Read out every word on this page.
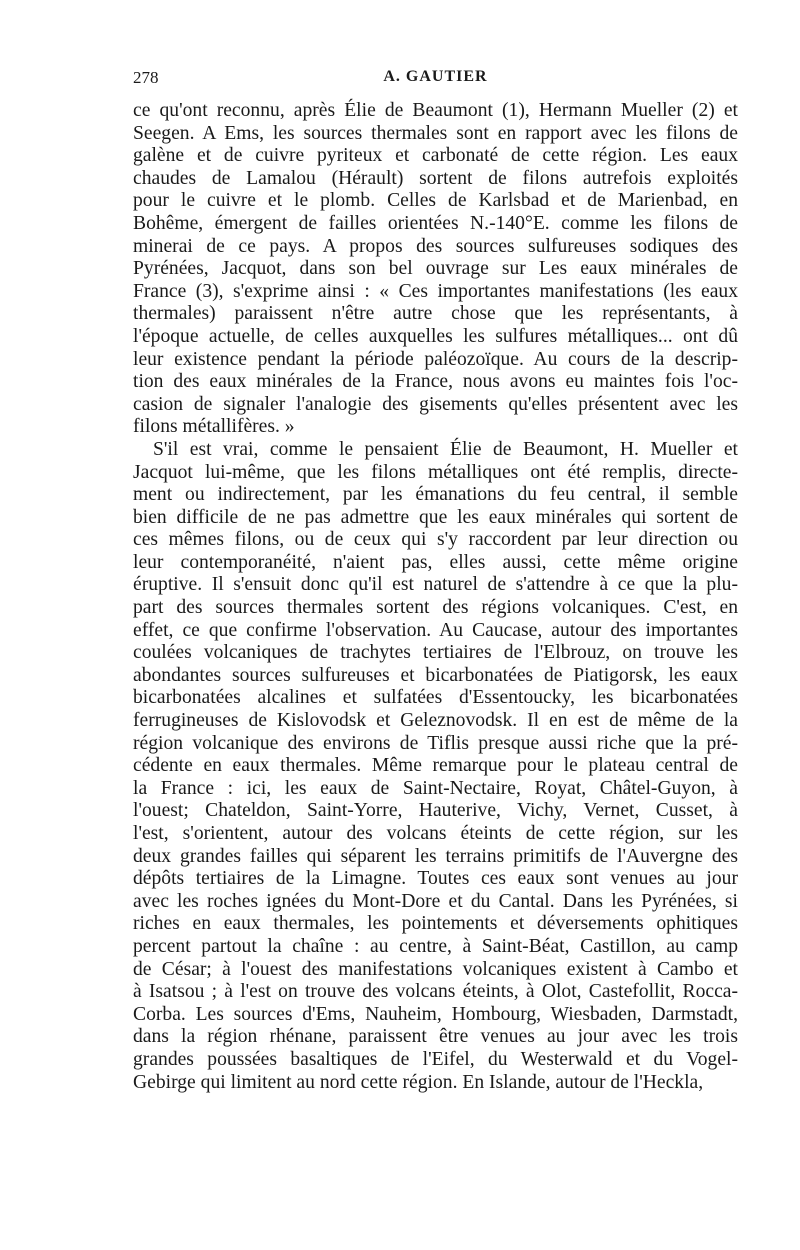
278	A. GAUTIER
ce qu'ont reconnu, après Élie de Beaumont (1), Hermann Mueller (2) et
Seegen. A Ems, les sources thermales sont en rapport avec les filons de
galène et de cuivre pyriteux et carbonaté de cette région. Les eaux
chaudes de Lamalou (Hérault) sortent de filons autrefois exploités
pour le cuivre et le plomb. Celles de Karlsbad et de Marienbad, en
Bohême, émergent de failles orientées N.-140°E. comme les filons de
minerai de ce pays. A propos des sources sulfureuses sodiques des
Pyrénées, Jacquot, dans son bel ouvrage sur Les eaux minérales de
France (3), s'exprime ainsi : « Ces importantes manifestations (les eaux
thermales) paraissent n'être autre chose que les représentants, à
l'époque actuelle, de celles auxquelles les sulfures métalliques... ont dû
leur existence pendant la période paléozoïque. Au cours de la descrip-
tion des eaux minérales de la France, nous avons eu maintes fois l'oc-
casion de signaler l'analogie des gisements qu'elles présentent avec les
filons métallifères. »
S'il est vrai, comme le pensaient Élie de Beaumont, H. Mueller et
Jacquot lui-même, que les filons métalliques ont été remplis, directe-
ment ou indirectement, par les émanations du feu central, il semble
bien difficile de ne pas admettre que les eaux minérales qui sortent de
ces mêmes filons, ou de ceux qui s'y raccordent par leur direction ou
leur contemporanéité, n'aient pas, elles aussi, cette même origine
éruptive. Il s'ensuit donc qu'il est naturel de s'attendre à ce que la plu-
part des sources thermales sortent des régions volcaniques. C'est, en
effet, ce que confirme l'observation. Au Caucase, autour des importantes
coulées volcaniques de trachytes tertiaires de l'Elbrouz, on trouve les
abondantes sources sulfureuses et bicarbonatées de Piatigorsk, les eaux
bicarbonatées alcalines et sulfatées d'Essentoucky, les bicarbonatées
ferrugineuses de Kislovodsk et Geleznovodsk. Il en est de même de la
région volcanique des environs de Tiflis presque aussi riche que la pré-
cédente en eaux thermales. Même remarque pour le plateau central de
la France : ici, les eaux de Saint-Nectaire, Royat, Châtel-Guyon, à
l'ouest; Chateldon, Saint-Yorre, Hauterive, Vichy, Vernet, Cusset, à
l'est, s'orientent, autour des volcans éteints de cette région, sur les
deux grandes failles qui séparent les terrains primitifs de l'Auvergne des
dépôts tertiaires de la Limagne. Toutes ces eaux sont venues au jour
avec les roches ignées du Mont-Dore et du Cantal. Dans les Pyrénées, si
riches en eaux thermales, les pointements et déversements ophitiques
percent partout la chaîne : au centre, à Saint-Béat, Castillon, au camp
de César; à l'ouest des manifestations volcaniques existent à Cambo et
à Isatsou ; à l'est on trouve des volcans éteints, à Olot, Castefollit, Rocca-
Corba. Les sources d'Ems, Nauheim, Hombourg, Wiesbaden, Darmstadt,
dans la région rhénane, paraissent être venues au jour avec les trois
grandes poussées basaltiques de l'Eifel, du Westerwald et du Vogel-
Gebirge qui limitent au nord cette région. En Islande, autour de l'Heckla,
